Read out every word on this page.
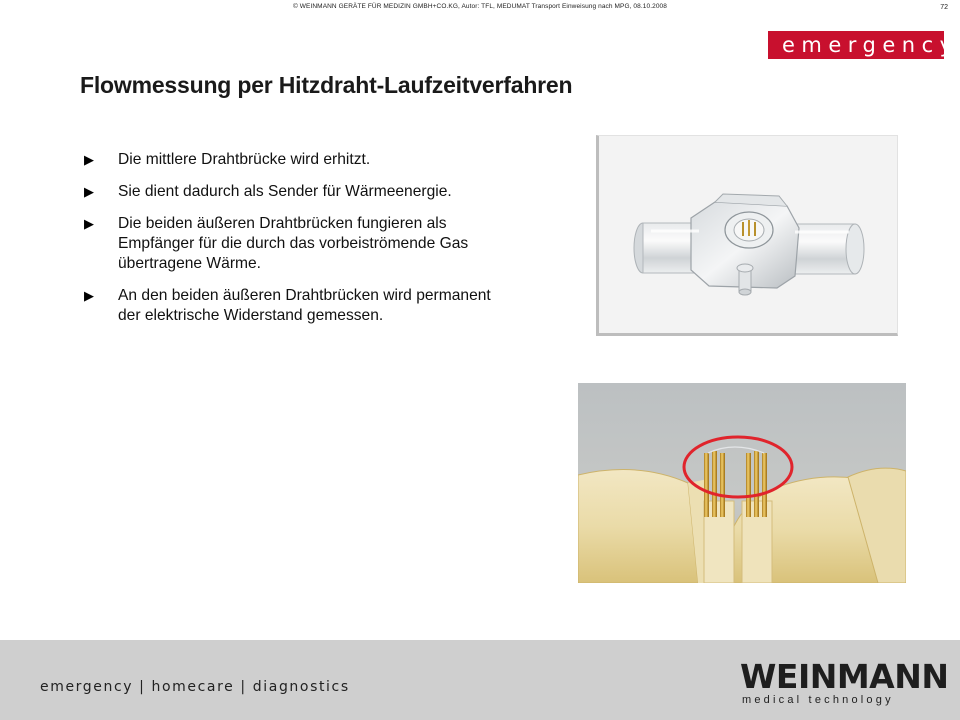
© WEINMANN GERÄTE FÜR MEDIZIN GMBH+CO.KG, Autor: TFL, MEDUMAT Transport Einweisung nach MPG, 08.10.2008	72
emergency
Flowmessung per Hitzdraht-Laufzeitverfahren
▶	Die mittlere Drahtbrücke wird erhitzt.
▶	Sie dient dadurch als Sender für Wärmeenergie.
▶	Die beiden äußeren Drahtbrücken fungieren als Empfänger für die durch das vorbeiströmende Gas übertragene Wärme.
▶	An den beiden äußeren Drahtbrücken wird permanent der elektrische Widerstand gemessen.
emergency | homecare | diagnostics	WEINMANN
medical technology
